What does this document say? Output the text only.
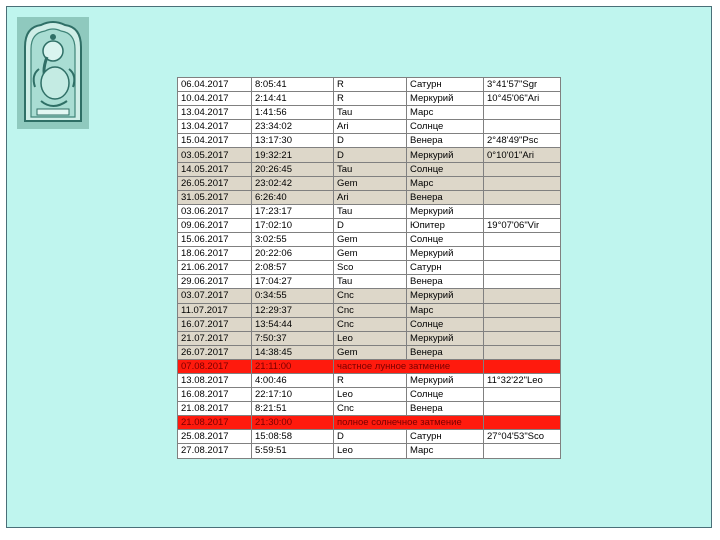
06.04.2017	8:05:41	R	Сатурн	3°41'57"Sgr
10.04.2017	2:14:41	R	Меркурий	10°45'06"Ari
13.04.2017	1:41:56	Tau	Марс	
13.04.2017	23:34:02	Ari	Солнце	
15.04.2017	13:17:30	D	Венера	2°48'49"Psc
03.05.2017	19:32:21	D	Меркурий	0°10'01"Ari
14.05.2017	20:26:45	Tau	Солнце	
26.05.2017	23:02:42	Gem	Марс	
31.05.2017	6:26:40	Ari	Венера	
03.06.2017	17:23:17	Tau	Меркурий	
09.06.2017	17:02:10	D	Юпитер	19°07'06"Vir
15.06.2017	3:02:55	Gem	Солнце	
18.06.2017	20:22:06	Gem	Меркурий	
21.06.2017	2:08:57	Sco	Сатурн	
29.06.2017	17:04:27	Tau	Венера	
03.07.2017	0:34:55	Cnc	Меркурий	
11.07.2017	12:29:37	Cnc	Марс	
16.07.2017	13:54:44	Cnc	Солнце	
21.07.2017	7:50:37	Leo	Меркурий	
26.07.2017	14:38:45	Gem	Венера	
07.08.2017	21:11:00	частное лунное затмение		
13.08.2017	4:00:46	R	Меркурий	11°32'22"Leo
16.08.2017	22:17:10	Leo	Солнце	
21.08.2017	8:21:51	Cnc	Венера	
21.08.2017	21:30:00	полное солнечное затмение		
25.08.2017	15:08:58	D	Сатурн	27°04'53"Sco
27.08.2017	5:59:51	Leo	Марс	
